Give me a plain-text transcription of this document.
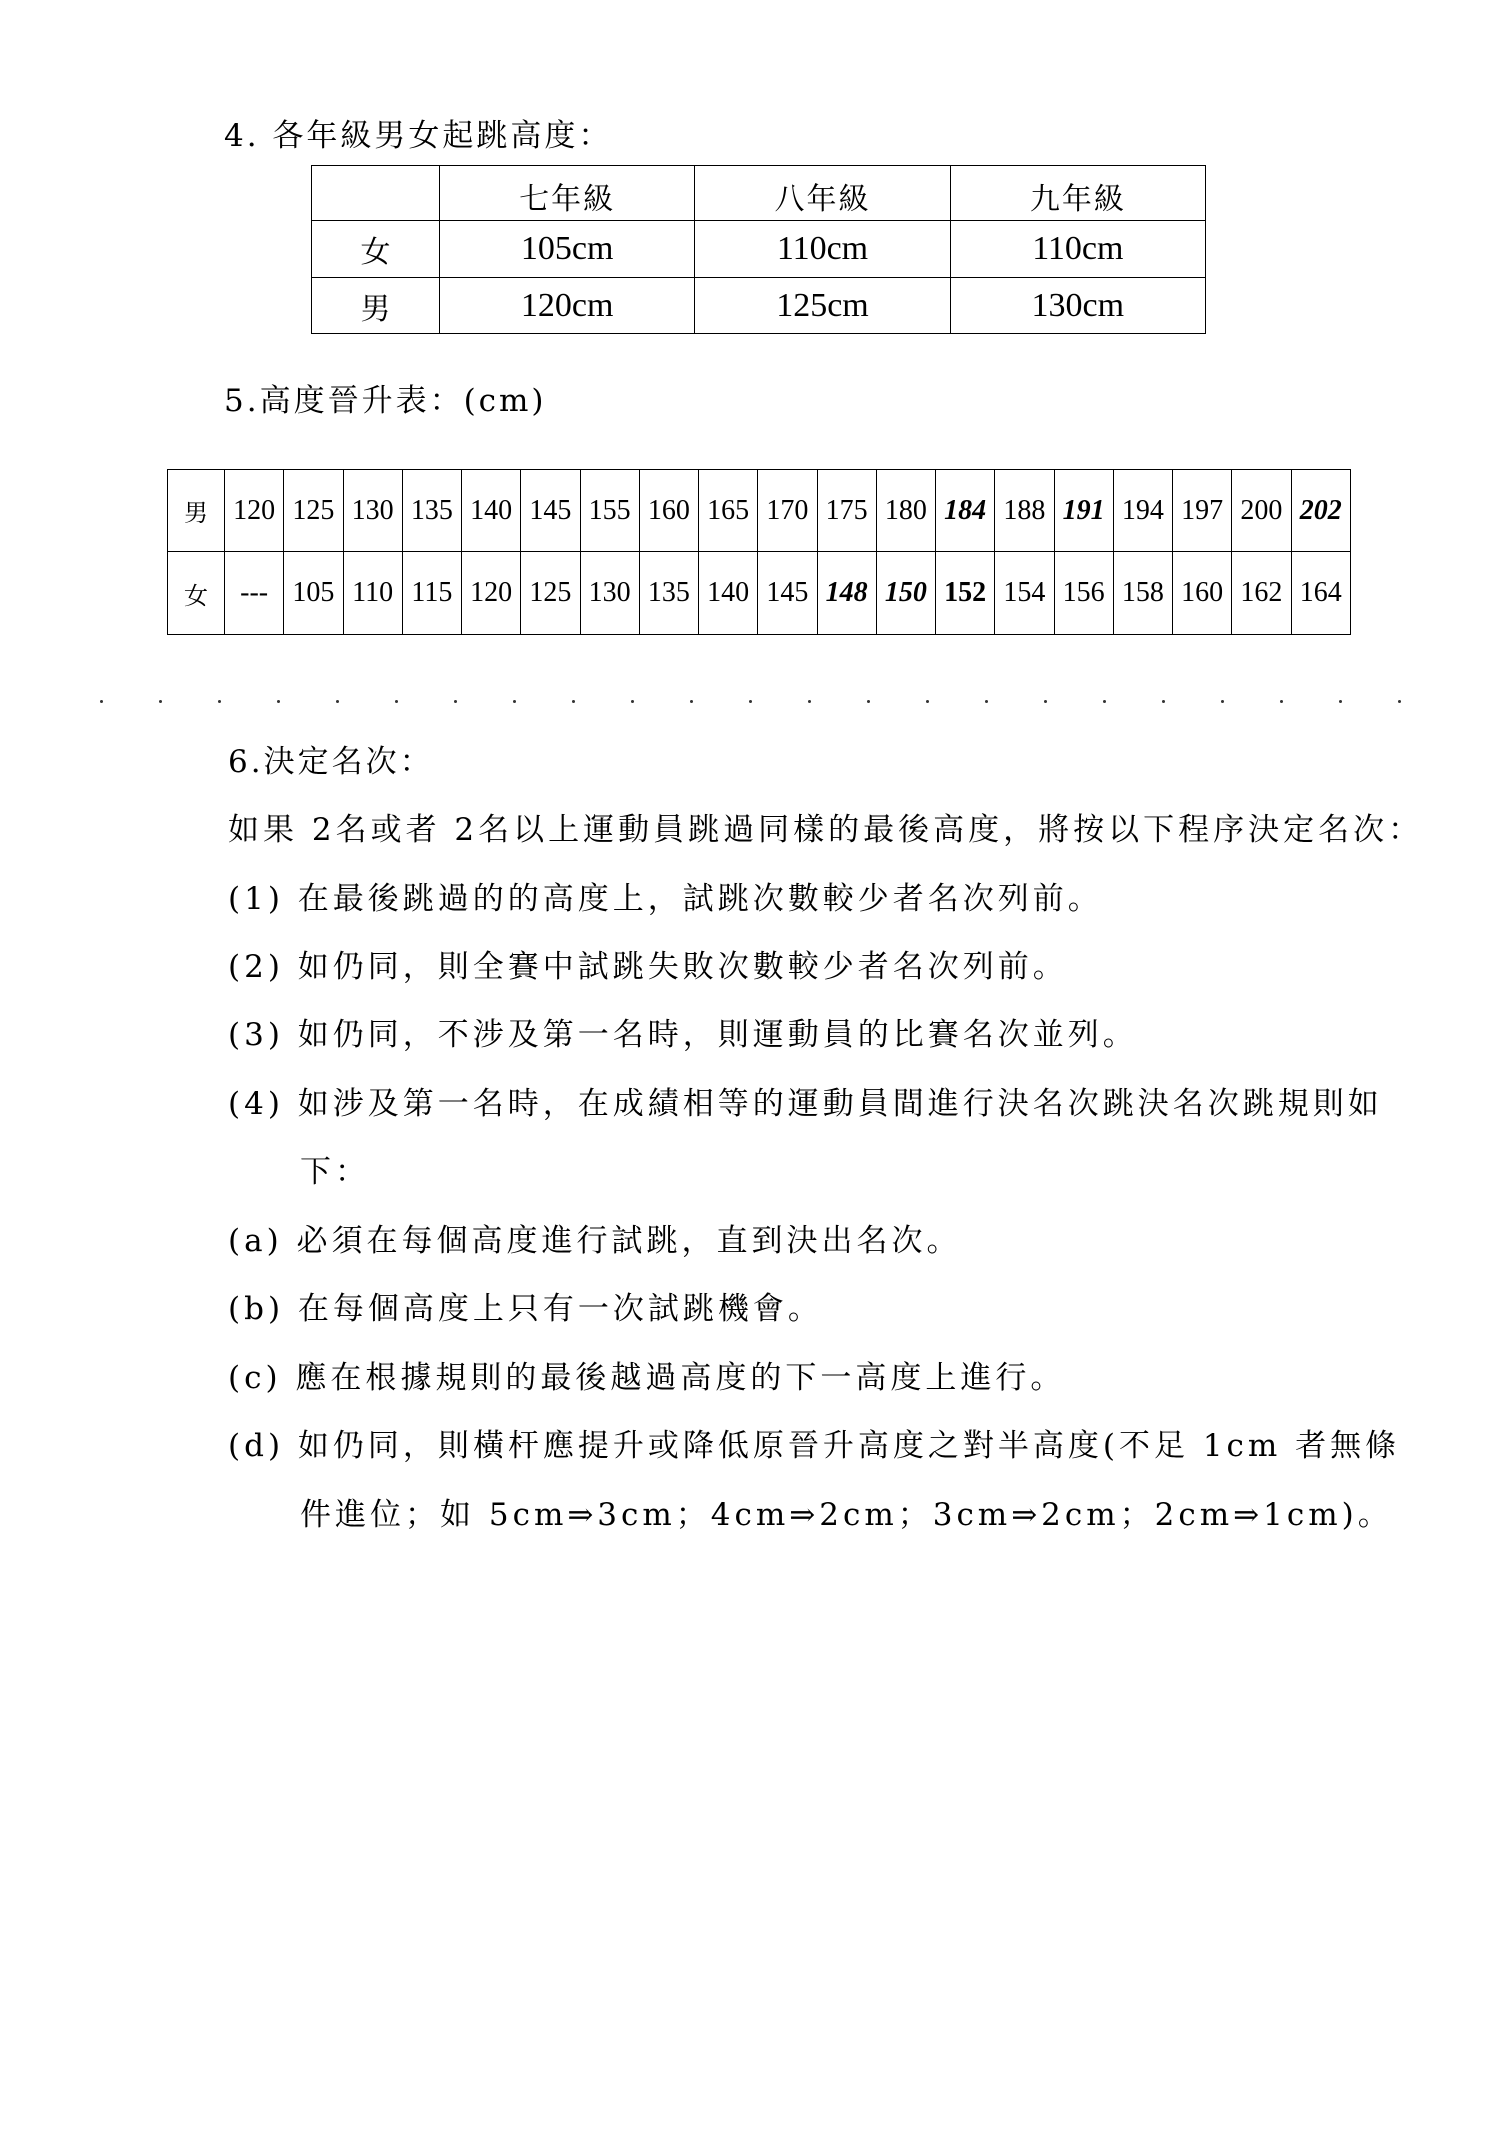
4. 各年級男女起跳高度：
	七年級	八年級	九年級
女	105cm	110cm	110cm
男	120cm	125cm	130cm
5.高度晉升表：(cm)
男	120	125	130	135	140	145	155	160	165	170	175	180	184	188	191	194	197	200	202
女	---	105	110	115	120	125	130	135	140	145	148	150	152	154	156	158	160	162	164
6.決定名次：
如果 2名或者 2名以上運動員跳過同樣的最後高度，將按以下程序決定名次：
(1) 在最後跳過的的高度上，試跳次數較少者名次列前。
(2) 如仍同，則全賽中試跳失敗次數較少者名次列前。
(3) 如仍同，不涉及第一名時，則運動員的比賽名次並列。
(4) 如涉及第一名時，在成績相等的運動員間進行決名次跳決名次跳規則如
下：
(a) 必須在每個高度進行試跳，直到決出名次。
(b) 在每個高度上只有一次試跳機會。
(c) 應在根據規則的最後越過高度的下一高度上進行。
(d) 如仍同，則橫杆應提升或降低原晉升高度之對半高度(不足 1cm 者無條
件進位；如 5cm⇒3cm；4cm⇒2cm；3cm⇒2cm；2cm⇒1cm)。
